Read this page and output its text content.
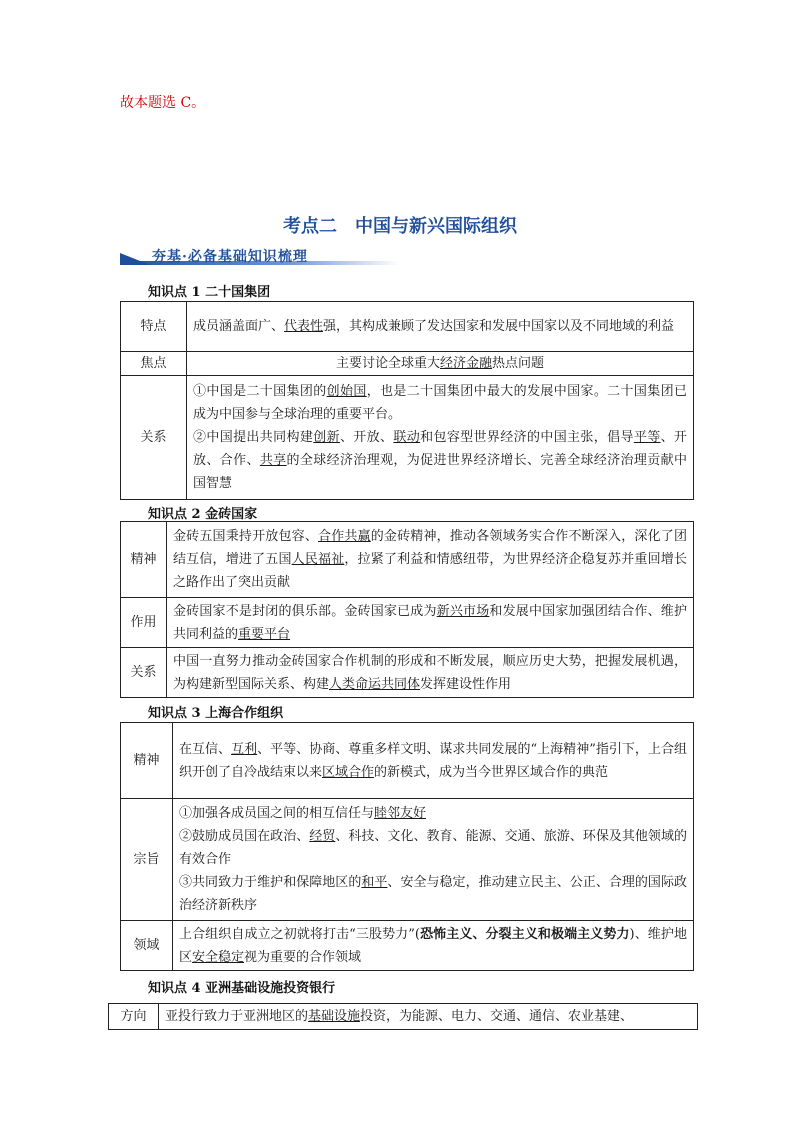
故本题选 C。
考点二　中国与新兴国际组织
夯基·必备基础知识梳理
知识点 1 二十国集团
特点	成员涵盖面广、代表性强，其构成兼顾了发达国家和发展中国家以及不同地域的利益
焦点	主要讨论全球重大经济金融热点问题
关系	①中国是二十国集团的创始国，也是二十国集团中最大的发展中国家。二十国集团已成为中国参与全球治理的重要平台。
②中国提出共同构建创新、开放、联动和包容型世界经济的中国主张，倡导平等、开放、合作、共享的全球经济治理观，为促进世界经济增长、完善全球经济治理贡献中国智慧
知识点 2 金砖国家
精神	金砖五国秉持开放包容、合作共赢的金砖精神，推动各领域务实合作不断深入，深化了团结互信，增进了五国人民福祉，拉紧了利益和情感纽带，为世界经济企稳复苏并重回增长之路作出了突出贡献
作用	金砖国家不是封闭的俱乐部。金砖国家已成为新兴市场和发展中国家加强团结合作、维护共同利益的重要平台
关系	中国一直努力推动金砖国家合作机制的形成和不断发展，顺应历史大势，把握发展机遇，为构建新型国际关系、构建人类命运共同体发挥建设性作用
知识点 3 上海合作组织
精神	在互信、互利、平等、协商、尊重多样文明、谋求共同发展的“上海精神”指引下，上合组织开创了自冷战结束以来区域合作的新模式，成为当今世界区域合作的典范
宗旨	①加强各成员国之间的相互信任与睦邻友好
②鼓励成员国在政治、经贸、科技、文化、教育、能源、交通、旅游、环保及其他领域的有效合作
③共同致力于维护和保障地区的和平、安全与稳定，推动建立民主、公正、合理的国际政治经济新秩序

领域	上合组织自成立之初就将打击“三股势力”(恐怖主义、分裂主义和极端主义势力)、维护地区安全稳定视为重要的合作领域
知识点 4 亚洲基础设施投资银行
方向	亚投行致力于亚洲地区的基础设施投资，为能源、电力、交通、通信、农业基建、
